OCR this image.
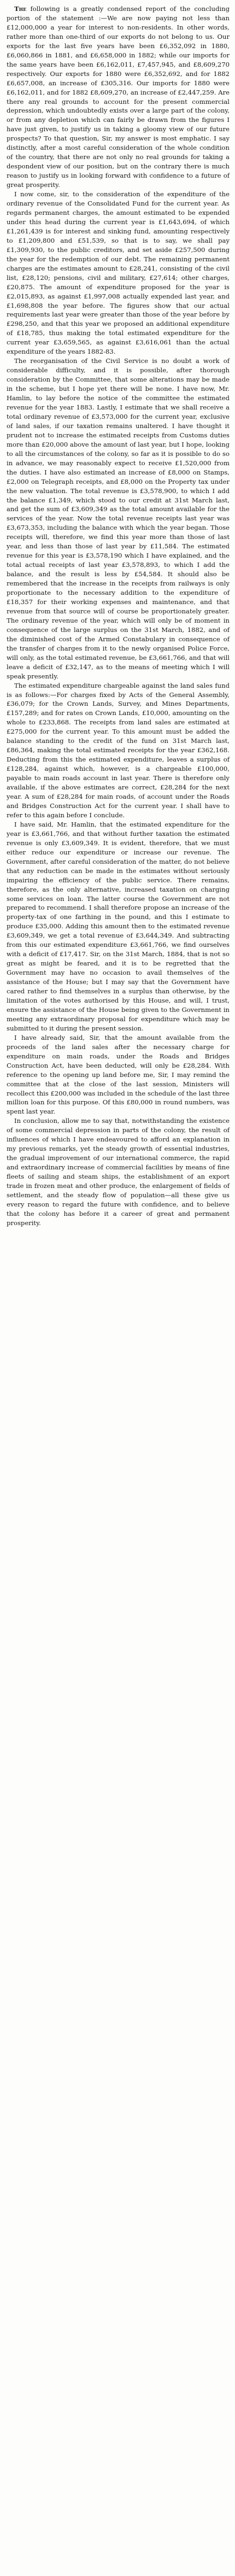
The following is a greatly condensed report of the concluding portion of the statement :—We are now paying not less than £12,000,000 a year for interest to non-residents. In other words, rather more than one-third of our exports do not belong to us. Our exports for the last five years have been £6,352,092 in 1880, £6,060,866 in 1881, and £6,658,000 in 1882; while our imports for the same years have been £6,162,011, £7,457,945, and £8,609,270 respectively. Our exports for 1880 were £6,352,692, and for 1882 £6,657,008, an increase of £305,316. Our imports for 1880 were £6,162,011, and for 1882 £8,609,270, an increase of £2,447,259. Are there any real grounds to account for the present commercial depression, which undoubtedly exists over a large part of the colony, or from any depletion which can fairly be drawn from the figures I have just given, to justify us in taking a gloomy view of our future prospects? To that question, Sir, my answer is most emphatic. I say distinctly, after a most careful consideration of the whole condition of the country, that there are not only no real grounds for taking a despondent view of our position, but on the contrary there is much reason to justify us in looking forward with confidence to a future of great prosperity.

I now come, sir, to the consideration of the expenditure of the ordinary revenue of the Consolidated Fund for the current year. As regards permanent charges, the amount estimated to be expended under this head during the current year is £1,643,694, of which £1,261,439 is for interest and sinking fund, amounting respectively to £1,209,800 and £51,539, so that is to say, we shall pay £1,309,930, to the public creditors, and set aside £257,500 during the year for the redemption of our debt. The remaining permanent charges are the estimates amount to £28,241, consisting of the civil list, £28,120; pensions, civil and military, £27,614; other charges, £20,875. The amount of expenditure proposed for the year is £2,015,893, as against £1,997,008 actually expended last year, and £1,698,808 the year before. The figures show that our actual requirements last year were greater than those of the year before by £298,250, and that this year we proposed an additional expenditure of £18,785, thus making the total estimated expenditure for the current year £3,659,565, as against £3,616,061 than the actual expenditure of the years 1882-83.

The reorganisation of the Civil Service is no doubt a work of considerable difficulty, and it is possible, after thorough consideration by the Committee, that some alterations may be made in the scheme, but I hope yet there will be none. I have now, Mr. Hamlin, to lay before the notice of the committee the estimated revenue for the year 1883. Lastly, I estimate that we shall receive a total ordinary revenue of £3,573,000 for the current year, exclusive of land sales, if our taxation remains unaltered. I have thought it prudent not to increase the estimated receipts from Customs duties more than £20,000 above the amount of last year, but I hope, looking to all the circumstances of the colony, so far as it is possible to do so in advance, we may reasonably expect to receive £1,520,000 from the duties. I have also estimated an increase of £8,000 on Stamps, £2,000 on Telegraph receipts, and £8,000 on the Property tax under the new valuation. The total revenue is £3,578,900, to which I add the balance £1,349, which stood to our credit at 31st March last, and get the sum of £3,609,349 as the total amount available for the services of the year. Now the total revenue receipts last year was £3,673,353, including the balance with which the year began. Those receipts will, therefore, we find this year more than those of last year, and less than those of last year by £11,584. The estimated revenue for this year is £3,578,190 which I have explained, and the total actual receipts of last year £3,578,893, to which I add the balance, and the result is less by £54,584. It should also be remembered that the increase in the receipts from railways is only proportionate to the necessary addition to the expenditure of £18,357 for their working expenses and maintenance, and that revenue from that source will of course be proportionately greater. The ordinary revenue of the year, which will only be of moment in consequence of the large surplus on the 31st March, 1882, and of the diminished cost of the Armed Constabulary in consequence of the transfer of charges from it to the newly organised Police Force, will only, as the total estimated revenue, be £3,661,766, and that will leave a deficit of £32,147, as to the means of meeting which I will speak presently.

The estimated expenditure chargeable against the land sales fund is as follows:—For charges fixed by Acts of the General Assembly, £36,079; for the Crown Lands, Survey, and Mines Departments, £157,289; and for rates on Crown Lands, £10,000, amounting on the whole to £233,868. The receipts from land sales are estimated at £275,000 for the current year. To this amount must be added the balance standing to the credit of the fund on 31st March last, £86,364, making the total estimated receipts for the year £362,168. Deducting from this the estimated expenditure, leaves a surplus of £128,284, against which, however, is a chargeable £100,000, payable to main roads account in last year. There is therefore only available, if the above estimates are correct, £28,284 for the next year. A sum of £28,284 for main roads, of account under the Roads and Bridges Construction Act for the current year. I shall have to refer to this again before I conclude.

I have said, Mr. Hamlin, that the estimated expenditure for the year is £3,661,766, and that without further taxation the estimated revenue is only £3,609,349. It is evident, therefore, that we must either reduce our expenditure or increase our revenue. The Government, after careful consideration of the matter, do not believe that any reduction can be made in the estimates without seriously impairing the efficiency of the public service. There remains, therefore, as the only alternative, increased taxation on charging some services on loan. The latter course the Government are not prepared to recommend. I shall therefore propose an increase of the property-tax of one farthing in the pound, and this I estimate to produce £35,000. Adding this amount then to the estimated revenue £3,609,349, we get a total revenue of £3,644,349. And subtracting from this our estimated expenditure £3,661,766, we find ourselves with a deficit of £17,417. Sir, on the 31st March, 1884, that is not so great as might be feared, and it is to be regretted that the Government may have no occasion to avail themselves of the assistance of the House; but I may say that the Government have cared rather to find themselves in a surplus than otherwise, by the limitation of the votes authorised by this House, and will, I trust, ensure the assistance of the House being given to the Government in meeting any extraordinary proposal for expenditure which may be submitted to it during the present session.

I have already said, Sir, that the amount available from the proceeds of the land sales after the necessary charge for expenditure on main roads, under the Roads and Bridges Construction Act, have been deducted, will only be £28,284. With reference to the opening up land before me, Sir, I may remind the committee that at the close of the last session, Ministers will recollect this £200,000 was included in the schedule of the last three million loan for this purpose. Of this £80,000 in round numbers, was spent last year.

In conclusion, allow me to say that, notwithstanding the existence of some commercial depression in parts of the colony, the result of influences of which I have endeavoured to afford an explanation in my previous remarks, yet the steady growth of essential industries, the gradual improvement of our international commerce, the rapid and extraordinary increase of commercial facilities by means of fine fleets of sailing and steam ships, the establishment of an export trade in frozen meat and other produce, the enlargement of fields of settlement, and the steady flow of population—all these give us every reason to regard the future with confidence, and to believe that the colony has before it a career of great and permanent prosperity.
